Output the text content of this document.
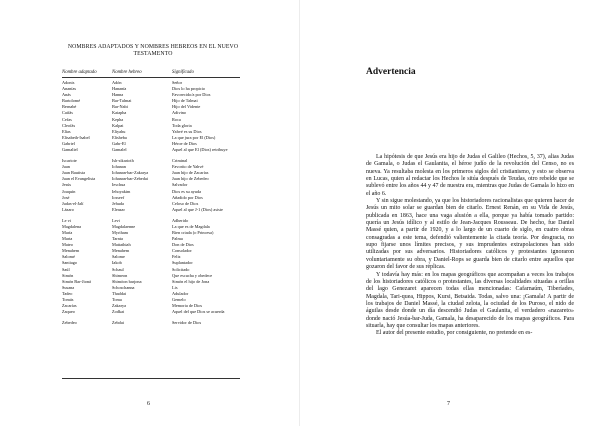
NOMBRES ADAPTADOS Y NOMBRES HEBREOS EN EL NUEVO TESTAMENTO
Nombre adaptado	Nombre hebreo	Significado
Adonis	Adón	Señor
Ananías	Hananía	Dios lo ha propicio
Anás	Hanna	Favorecido/a por Dios
Bartolomé	Bar-Talmai	Hijo de Talmai
Bernabé	Bar-Nabi	Hijo del Vidente
Caifás	Kaiapha	Adivino
Cefas	Kepha	Roca
Cleofás	Kalpai	Toda gloria
Elías	Eliyahu	Yahvé es su Dios
Elisabeth-Isabel	Elisheba	La que jura por El (Dios)
Gabriel	Gabr-El	Héroe de Dios
Gamaliel	Gamalel	Aquel al que El (Dios) retribuye
Iscariote	Ish-sikarioth	Criminal
Juan	Iohanan	Favorito de Yahvé
Juan Bautista	Iohanan-bar-Zakarya	Juan hijo de Zacarías
Juan el Evangelista	Iohanan-bar-Zebedai	Juan hijo de Zebedeo
Jesús	Ieschua	Salvador
Joaquín	Iehoyakim	Dios es su ayuda
José	Iosseef	Añadido por Dios
Judas-el-Jalí	Jehuda	Celoso de Dios
Lázaro	Eleazar	Aquel al que J-1 (Dios) asiste
Le vi	Levi	Adherido
Magdalena	Magdalaenne	La que es de Magdala
María	Myriham	Bien criada (o Princesa)
Marta	Tarnta	Palma
Mateo	Mattathiah	Don de Dios
Menahem	Menahem	Consolador
Salomé	Salome	Feliz
Santiago	Iakob	Suplantador
Saúl	Schaul	Solicitado
Simón	Shimeon	Que escucha y obedece
Simón Bar-Jioná	Shimòon barjona	Simón el hijo de Jona
Susana	Schoschanna	Lis
Tadeo	Thaddai	Adulador
Tomás	Toma	Gemelo
Zacarías	Zakarya	Memoria de Dios
Zaqueo	Zodkai	Aquel del que Dios se acuerda
Zebedeo	Zebdai	Servidor de Dios
6
Advertencia

La hipótesis de que Jesús era hijo de Judas el Galileo (Hechos, 5, 37), alias Judas de Gamala, o Judas el Gaulanita, el héroe judío de la revolución del Censo, no es nueva. Ya resultaba molesta en los primeros siglos del cristianismo, y esto se observa en Lucas, quien al redactar los Hechos le sitúa después de Teudas, otro rebelde que se sublevó entre los años 44 y 47 de nuestra era, mientras que Judas de Gamala lo hizo en el año 6.

Y sin sigue molestando, ya que los historiadores racionalistas que quieren hacer de Jesús un mito solar se guardan bien de citarlo. Ernest Renán, en su Vida de Jesús, publicada en 1863, hace una vaga alusión a ella, porque ya había tomado partido: quería un Jesús idílico y al estilo de Jean-Jacques Rousseau. De hecho, fue Daniel Massé quien, a partir de 1920, y a lo largo de un cuarto de siglo, en cuatro obras consagradas a este tema, defendió valientemente la citada teoría. Por desgracia, no supo fijarse unos límites precisos, y sus imprudentes extrapolaciones han sido utilizadas por sus adversarios. Historiadores católicos y protestantes ignoraron voluntariamente su obra, y Daniel-Rops se guarda bien de citarlo entre aquellos que gozaron del favor de sus réplicas.

Y todavía hay más: en los mapas geográficos que acompañan a veces los trabajos de los historiadores católicos o protestantes, las diversas localidades situadas a orillas del lago Genezaret aparecen todas ellas mencionadas: Cafarnaúm, Tiberíades, Magdala, Tari-quea, Hippos, Kursi, Betsaida. Todas, salvo una: ¡Gamala! A partir de los trabajos de Daniel Massé, la ciudad zelota, la ociudad de los Puroso, el nido de águilas desde donde un día descendió Judas el Gaulanita, el verdadero «nazareto» donde nació Jesúa-bar-Juda, Gamala, ha desaparecido de los mapas geográficos. Para situarla, hay que consultar los mapas anteriores.

El autor del presente estudio, por consiguiente, no pretende en es-

7
